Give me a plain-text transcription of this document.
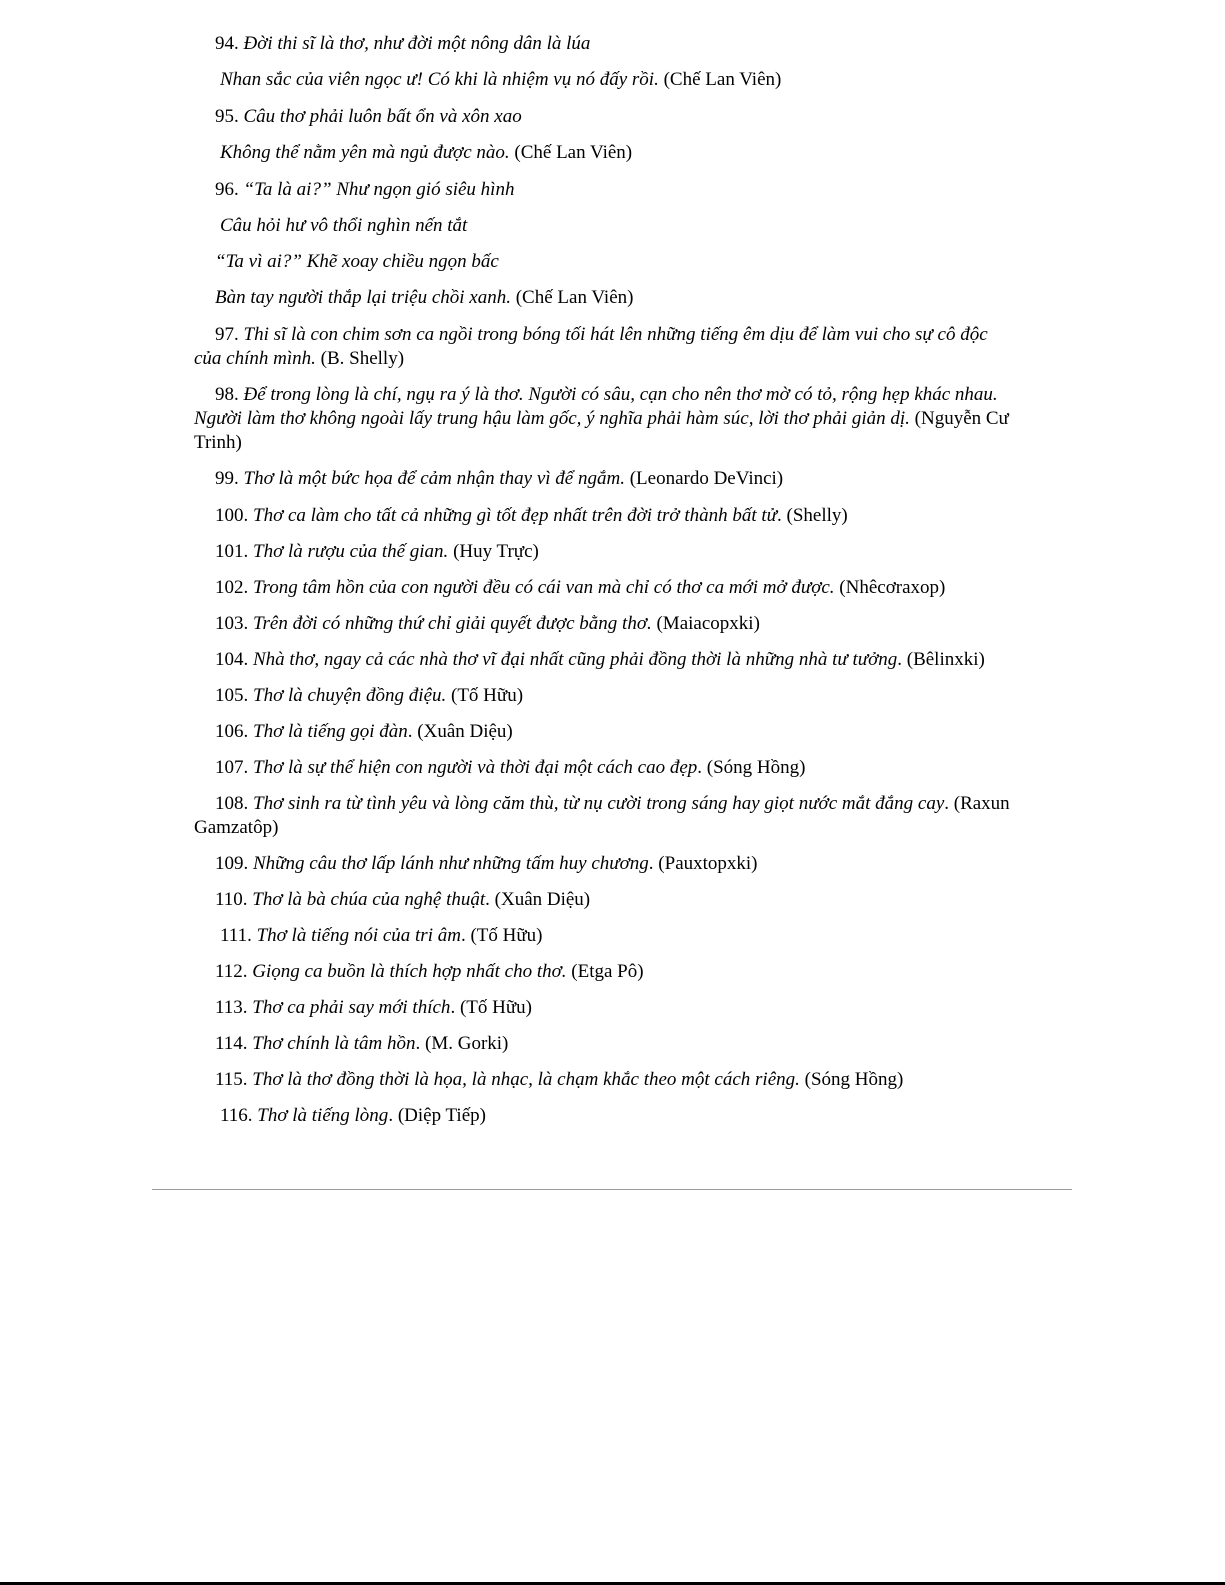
94. Đời thi sĩ là thơ, như đời một nông dân là lúa
Nhan sắc của viên ngọc ư! Có khi là nhiệm vụ nó đấy rồi. (Chế Lan Viên)
95. Câu thơ phải luôn bất ổn và xôn xao
Không thể nằm yên mà ngủ được nào. (Chế Lan Viên)
96. “Ta là ai?” Như ngọn gió siêu hình
Câu hỏi hư vô thổi nghìn nến tắt
“Ta vì ai?” Khẽ xoay chiều ngọn bấc
Bàn tay người thắp lại triệu chồi xanh. (Chế Lan Viên)
97. Thi sĩ là con chim sơn ca ngồi trong bóng tối hát lên những tiếng êm dịu để làm vui cho sự cô độc
của chính mình. (B. Shelly)
98. Để trong lòng là chí, ngụ ra ý là thơ. Người có sâu, cạn cho nên thơ mờ có tỏ, rộng hẹp khác nhau.
Người làm thơ không ngoài lấy trung hậu làm gốc, ý nghĩa phải hàm súc, lời thơ phải giản dị. (Nguyễn Cư
Trinh)
99. Thơ là một bức họa để cảm nhận thay vì để ngắm. (Leonardo DeVinci)
100. Thơ ca làm cho tất cả những gì tốt đẹp nhất trên đời trở thành bất tử. (Shelly)
101. Thơ là rượu của thế gian. (Huy Trực)
102. Trong tâm hồn của con người đều có cái van mà chỉ có thơ ca mới mở được. (Nhêcơraxop)
103. Trên đời có những thứ chỉ giải quyết được bằng thơ. (Maiacopxki)
104. Nhà thơ, ngay cả các nhà thơ vĩ đại nhất cũng phải đồng thời là những nhà tư tưởng. (Bêlinxki)
105. Thơ là chuyện đồng điệu. (Tố Hữu)
106. Thơ là tiếng gọi đàn. (Xuân Diệu)
107. Thơ là sự thể hiện con người và thời đại một cách cao đẹp. (Sóng Hồng)
108. Thơ sinh ra từ tình yêu và lòng căm thù, từ nụ cười trong sáng hay giọt nước mắt đắng cay. (Raxun
Gamzatôp)
109. Những câu thơ lấp lánh như những tấm huy chương. (Pauxtopxki)
110. Thơ là bà chúa của nghệ thuật. (Xuân Diệu)
111. Thơ là tiếng nói của tri âm. (Tố Hữu)
112. Giọng ca buồn là thích hợp nhất cho thơ. (Etga Pô)
113. Thơ ca phải say mới thích. (Tố Hữu)
114. Thơ chính là tâm hồn. (M. Gorki)
115. Thơ là thơ đồng thời là họa, là nhạc, là chạm khắc theo một cách riêng. (Sóng Hồng)
116. Thơ là tiếng lòng. (Diệp Tiếp)
